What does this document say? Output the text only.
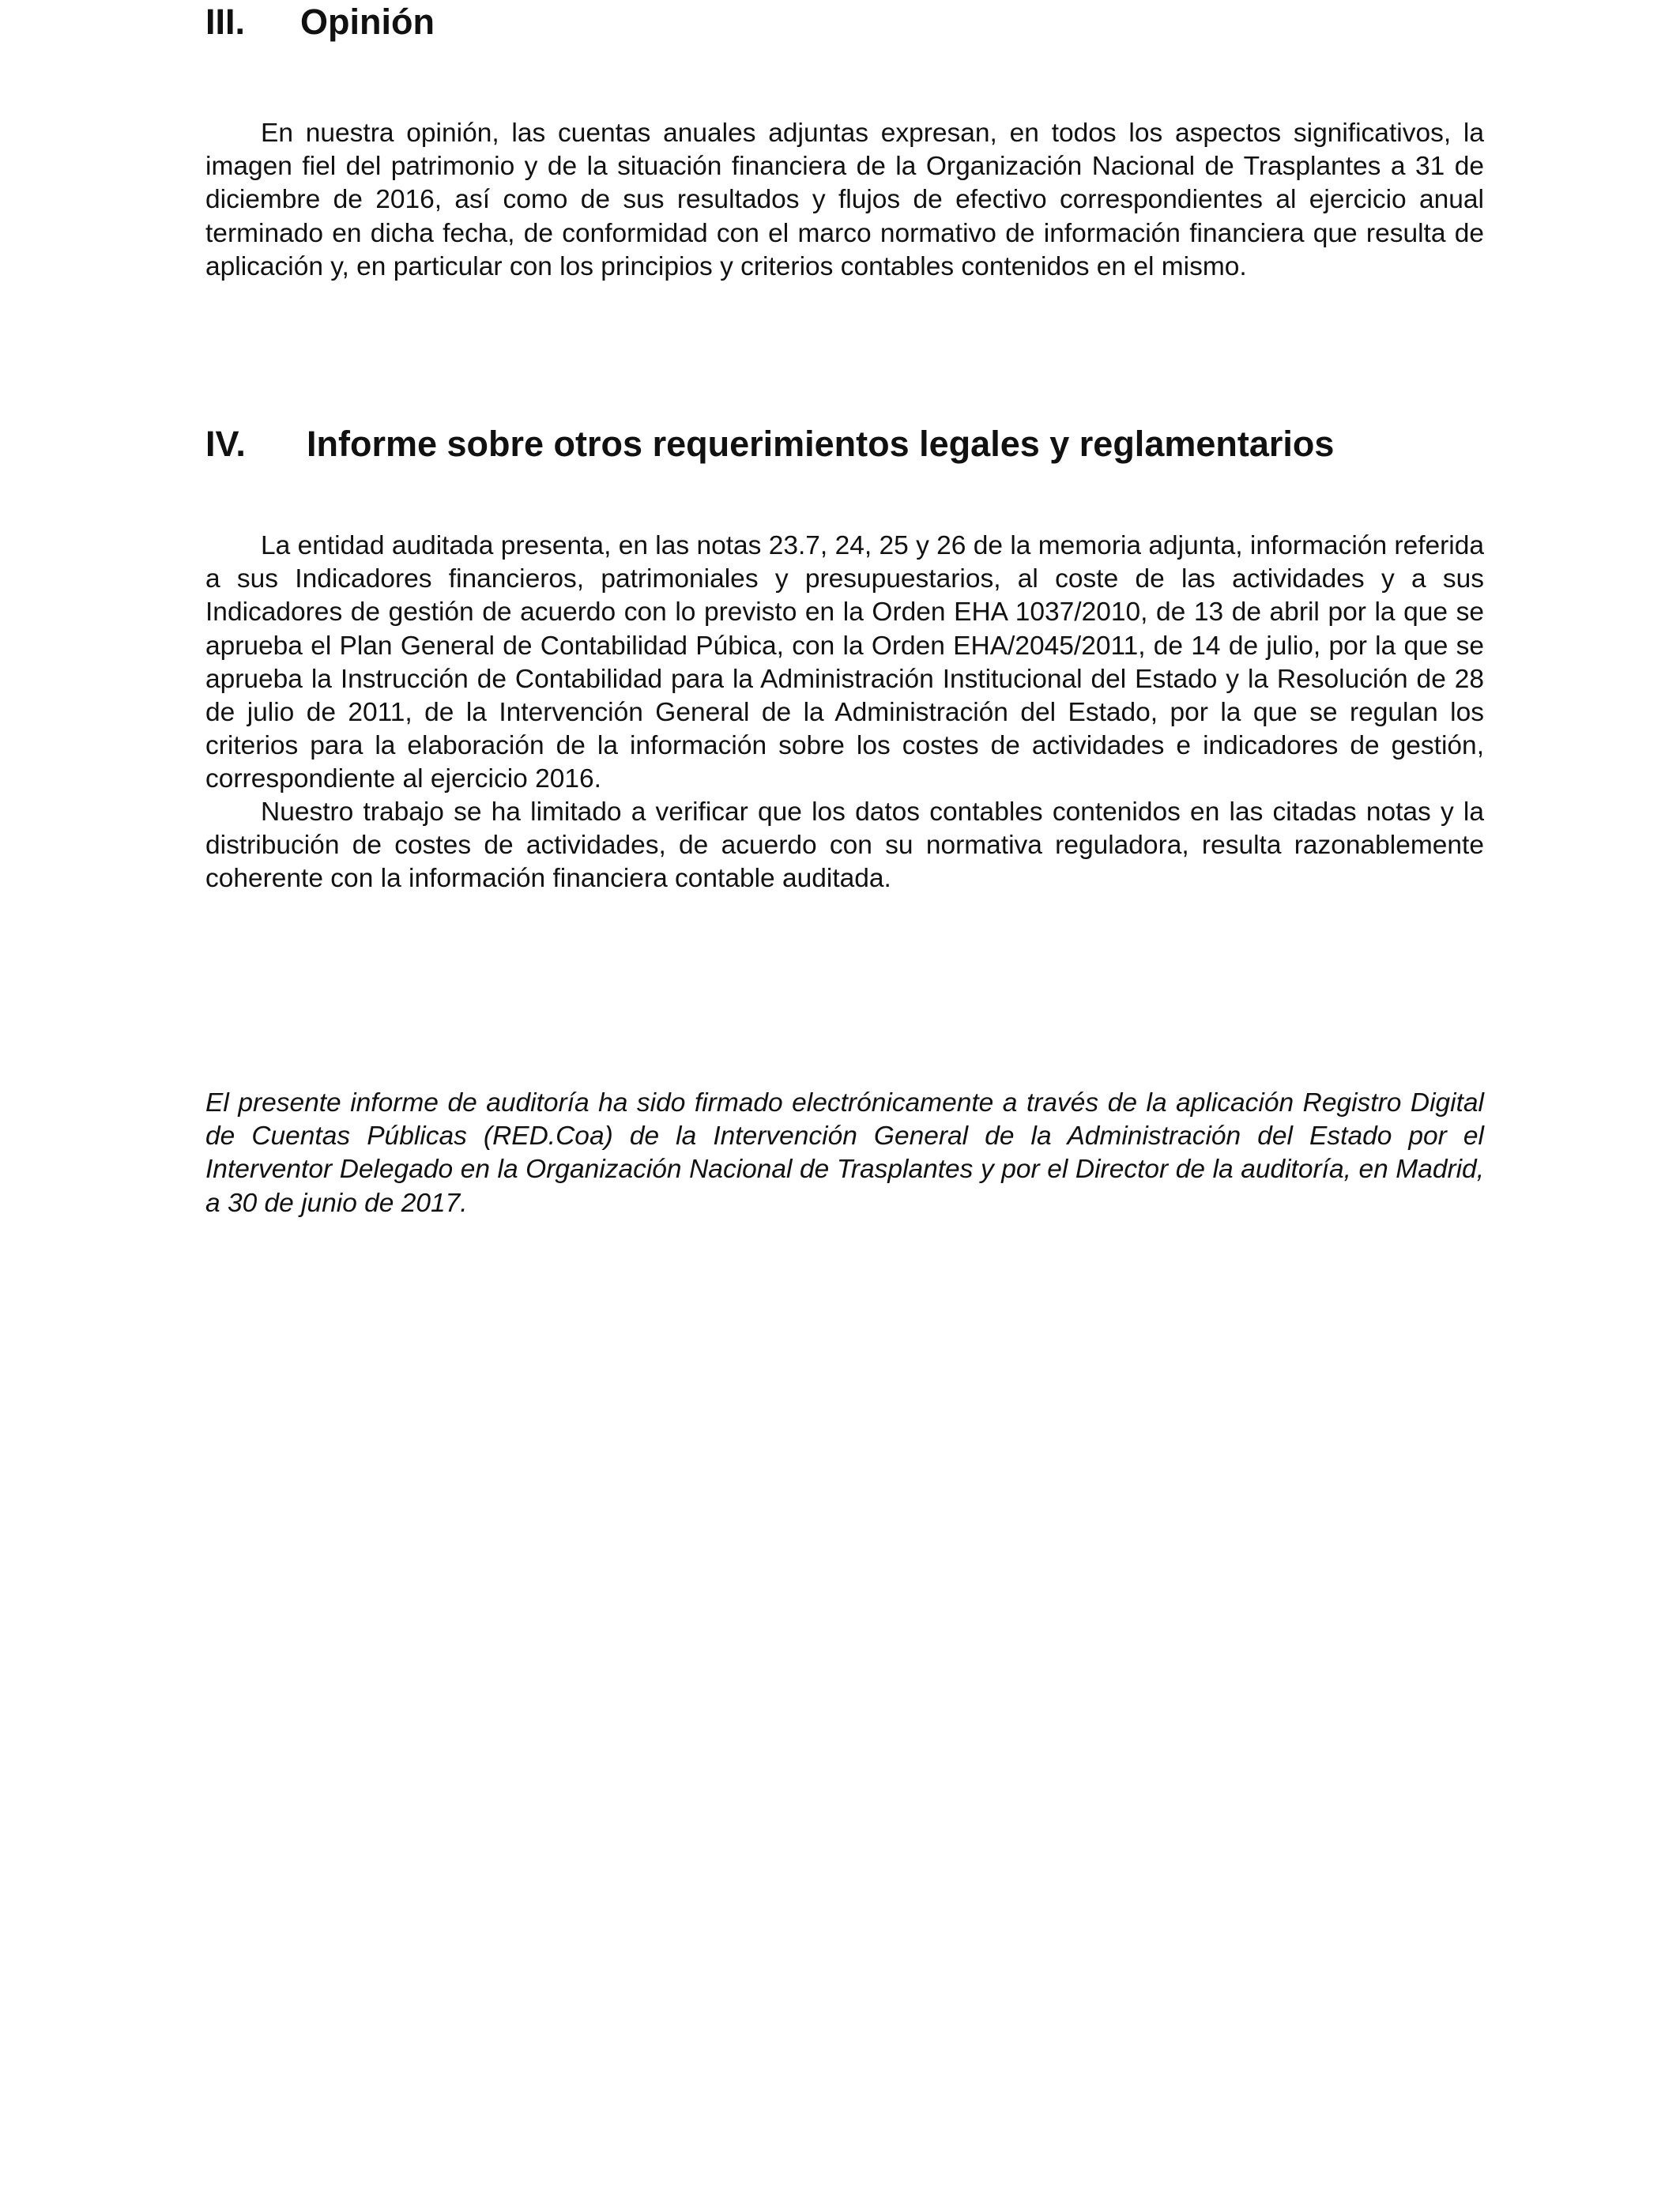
III. Opinión

En nuestra opinión, las cuentas anuales adjuntas expresan, en todos los aspectos significativos, la imagen fiel del patrimonio y de la situación financiera de la Organización Nacional de Trasplantes a 31 de diciembre de 2016, así como de sus resultados y flujos de efectivo correspondientes al ejercicio anual terminado en dicha fecha, de conformidad con el marco normativo de información financiera que resulta de aplicación y, en particular con los principios y criterios contables contenidos en el mismo.

IV. Informe sobre otros requerimientos legales y reglamentarios

La entidad auditada presenta, en las notas 23.7, 24, 25 y 26 de la memoria adjunta, información referida a sus Indicadores financieros, patrimoniales y presupuestarios, al coste de las actividades y a sus Indicadores de gestión de acuerdo con lo previsto en la Orden EHA 1037/2010, de 13 de abril por la que se aprueba el Plan General de Contabilidad Púbica, con la Orden EHA/2045/2011, de 14 de julio, por la que se aprueba la Instrucción de Contabilidad para la Administración Institucional del Estado y la Resolución de 28 de julio de 2011, de la Intervención General de la Administración del Estado, por la que se regulan los criterios para la elaboración de la información sobre los costes de actividades e indicadores de gestión, correspondiente al ejercicio 2016.

Nuestro trabajo se ha limitado a verificar que los datos contables contenidos en las citadas notas y la distribución de costes de actividades, de acuerdo con su normativa reguladora, resulta razonablemente coherente con la información financiera contable auditada.

El presente informe de auditoría ha sido firmado electrónicamente a través de la aplicación Registro Digital de Cuentas Públicas (RED.Coa) de la Intervención General de la Administración del Estado por el Interventor Delegado en la Organización Nacional de Trasplantes y por el Director de la auditoría, en Madrid, a 30 de junio de 2017.
